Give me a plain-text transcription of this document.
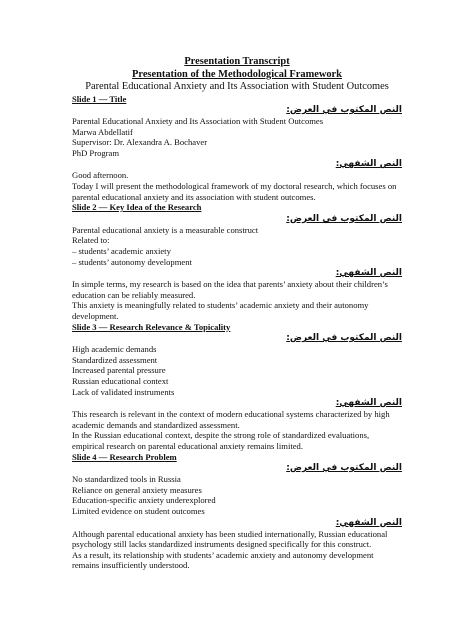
Presentation Transcript
Presentation of the Methodological Framework
Parental Educational Anxiety and Its Association with Student Outcomes
Slide 1 — Title
النص المكتوب في العرض:

Parental Educational Anxiety and Its Association with Student Outcomes

Marwa Abdellatif

Supervisor: Dr. Alexandra A. Bochaver

PhD Program

النص الشفهي:

Good afternoon.

Today I will present the methodological framework of my doctoral research, which focuses on parental educational anxiety and its association with student outcomes.

Slide 2 — Key Idea of the Research
النص المكتوب في العرض:

Parental educational anxiety is a measurable construct

Related to:

– students’ academic anxiety

– students’ autonomy development

النص الشفهي:

In simple terms, my research is based on the idea that parents’ anxiety about their children’s education can be reliably measured.

This anxiety is meaningfully related to students’ academic anxiety and their autonomy development.

Slide 3 — Research Relevance & Topicality
النص المكتوب في العرض:

High academic demands

Standardized assessment

Increased parental pressure

Russian educational context

Lack of validated instruments

النص الشفهي:

This research is relevant in the context of modern educational systems characterized by high academic demands and standardized assessment.

In the Russian educational context, despite the strong role of standardized evaluations, empirical research on parental educational anxiety remains limited.

Slide 4 — Research Problem
النص المكتوب في العرض:

No standardized tools in Russia

Reliance on general anxiety measures

Education-specific anxiety underexplored

Limited evidence on student outcomes

النص الشفهي:

Although parental educational anxiety has been studied internationally, Russian educational psychology still lacks standardized instruments designed specifically for this construct.

As a result, its relationship with students’ academic anxiety and autonomy development remains insufficiently understood.
